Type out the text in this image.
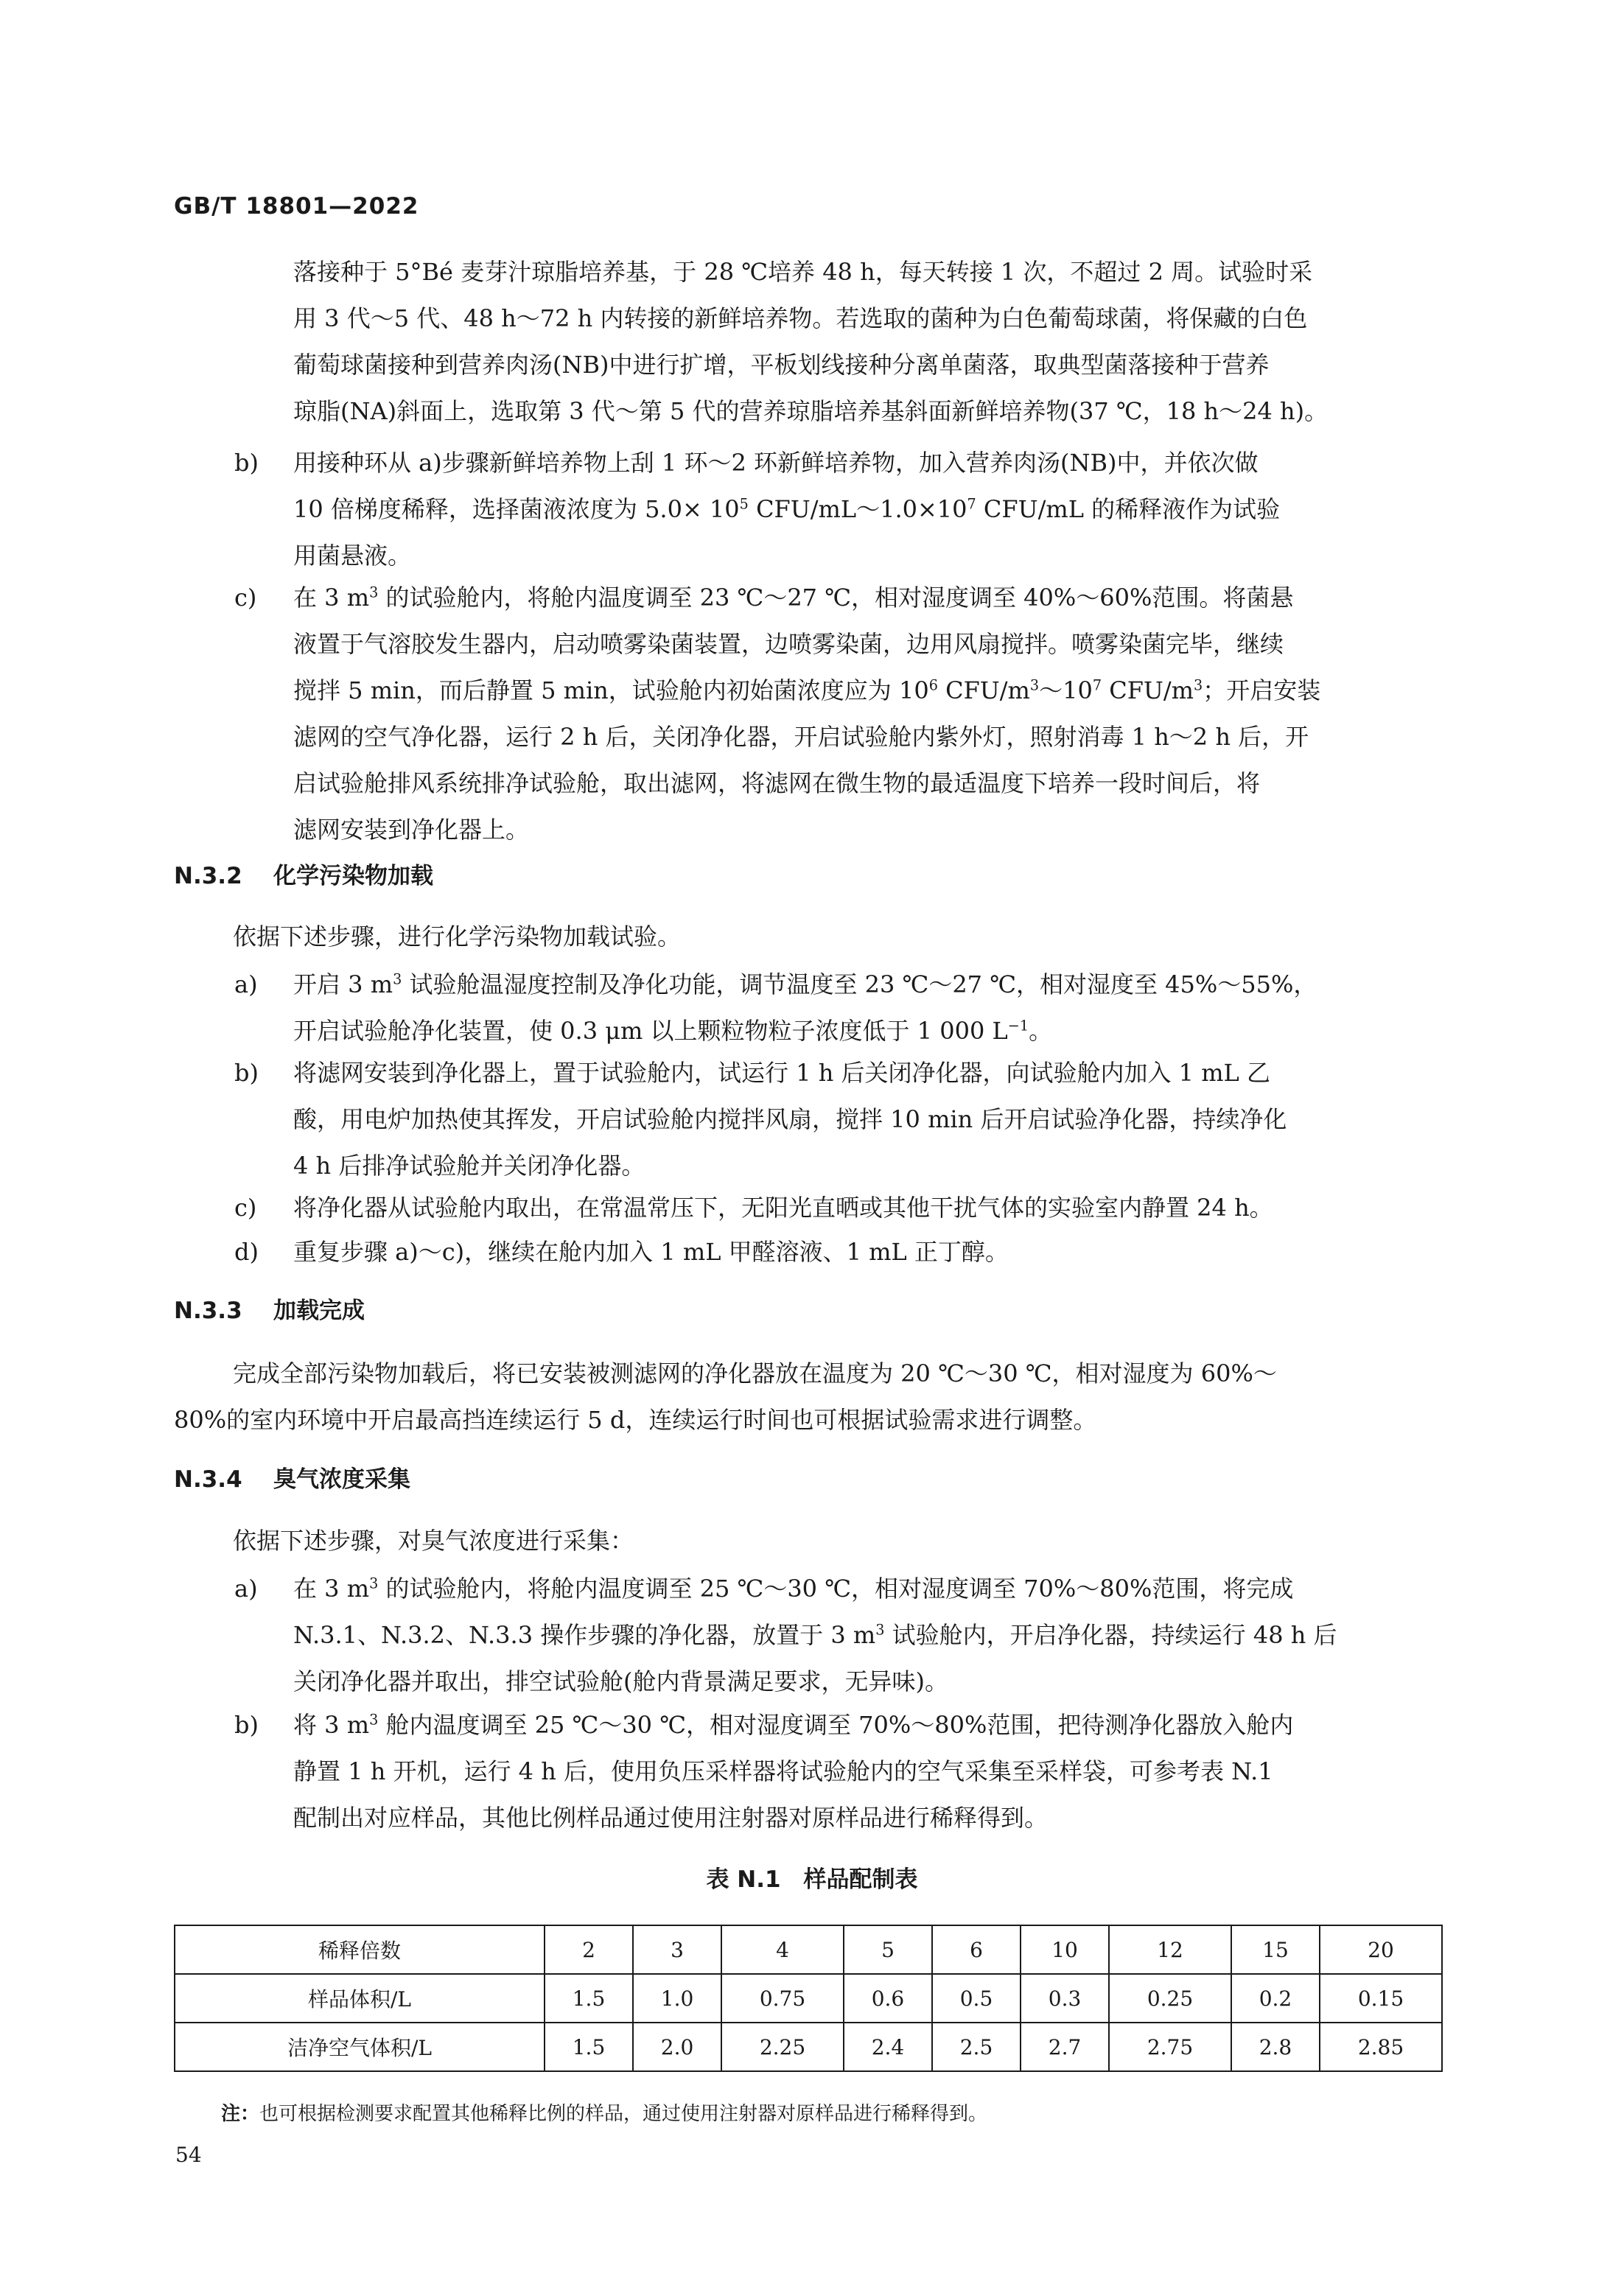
GB/T 18801—2022
落接种于 5°Bé 麦芽汁琼脂培养基，于 28 ℃培养 48 h，每天转接 1 次，不超过 2 周。试验时采
用 3 代～5 代、48 h～72 h 内转接的新鲜培养物。若选取的菌种为白色葡萄球菌，将保藏的白色
葡萄球菌接种到营养肉汤(NB)中进行扩增，平板划线接种分离单菌落，取典型菌落接种于营养
琼脂(NA)斜面上，选取第 3 代～第 5 代的营养琼脂培养基斜面新鲜培养物(37 ℃，18 h～24 h)。
b)	用接种环从 a)步骤新鲜培养物上刮 1 环～2 环新鲜培养物，加入营养肉汤(NB)中，并依次做
10 倍梯度稀释，选择菌液浓度为 $5.0\times 10^5$ CFU/$mL\sim 1.0\times 10^7$ CFU/mL 的稀释液作为试验
用菌悬液。
c)	在 3 $m^3$ 的试验舱内，将舱内温度调至 23 ℃～27 ℃，相对湿度调至 40%～60%范围。将菌悬
液置于气溶胶发生器内，启动喷雾染菌装置，边喷雾染菌，边用风扇搅拌。喷雾染菌完毕，继续
搅拌 5 min，而后静置 5 min，试验舱内初始菌浓度应为 $10^6$ CFU/$m^3\sim 10^7$ CFU/$m^3$；开启安装
滤网的空气净化器，运行 2 h 后，关闭净化器，开启试验舱内紫外灯，照射消毒 1 h～2 h 后，开
启试验舱排风系统排净试验舱，取出滤网，将滤网在微生物的最适温度下培养一段时间后，将
滤网安装到净化器上。
N.3.2 化学污染物加载
依据下述步骤，进行化学污染物加载试验。
a)	开启 3 $m^3$ 试验舱温湿度控制及净化功能，调节温度至 23 ℃～27 ℃，相对湿度至 45%～55%，
开启试验舱净化装置，使 0.3 μm 以上颗粒物粒子浓度低于 1 000 $L^{-1}$。
b)	将滤网安装到净化器上，置于试验舱内，试运行 1 h 后关闭净化器，向试验舱内加入 1 mL 乙
酸，用电炉加热使其挥发，开启试验舱内搅拌风扇，搅拌 10 min 后开启试验净化器，持续净化
4 h 后排净试验舱并关闭净化器。
c)	将净化器从试验舱内取出，在常温常压下，无阳光直晒或其他干扰气体的实验室内静置 24 h。
d)	重复步骤 a)～c)，继续在舱内加入 1 mL 甲醛溶液、1 mL 正丁醇。
N.3.3 加载完成
完成全部污染物加载后，将已安装被测滤网的净化器放在温度为 20 ℃～30 ℃，相对湿度为 60%～
80%的室内环境中开启最高挡连续运行 5 d，连续运行时间也可根据试验需求进行调整。
N.3.4 臭气浓度采集
依据下述步骤，对臭气浓度进行采集：
a)	在 3 $m^3$ 的试验舱内，将舱内温度调至 25 ℃～30 ℃，相对湿度调至 70%～80%范围，将完成
N.3.1、N.3.2、N.3.3 操作步骤的净化器，放置于 3 $m^3$ 试验舱内，开启净化器，持续运行 48 h 后
关闭净化器并取出，排空试验舱(舱内背景满足要求，无异味)。
b)	将 3 $m^3$ 舱内温度调至 25 ℃～30 ℃，相对湿度调至 70%～80%范围，把待测净化器放入舱内
静置 1 h 开机，运行 4 h 后，使用负压采样器将试验舱内的空气采集至采样袋，可参考表 N.1
配制出对应样品，其他比例样品通过使用注射器对原样品进行稀释得到。
表 N.1　样品配制表
稀释倍数	2	3	4	5	6	10	12	15	20
样品体积/L	1.5	1.0	0.75	0.6	0.5	0.3	0.25	0.2	0.15
洁净空气体积/L	1.5	2.0	2.25	2.4	2.5	2.7	2.75	2.8	2.85
注：也可根据检测要求配置其他稀释比例的样品，通过使用注射器对原样品进行稀释得到。
54
